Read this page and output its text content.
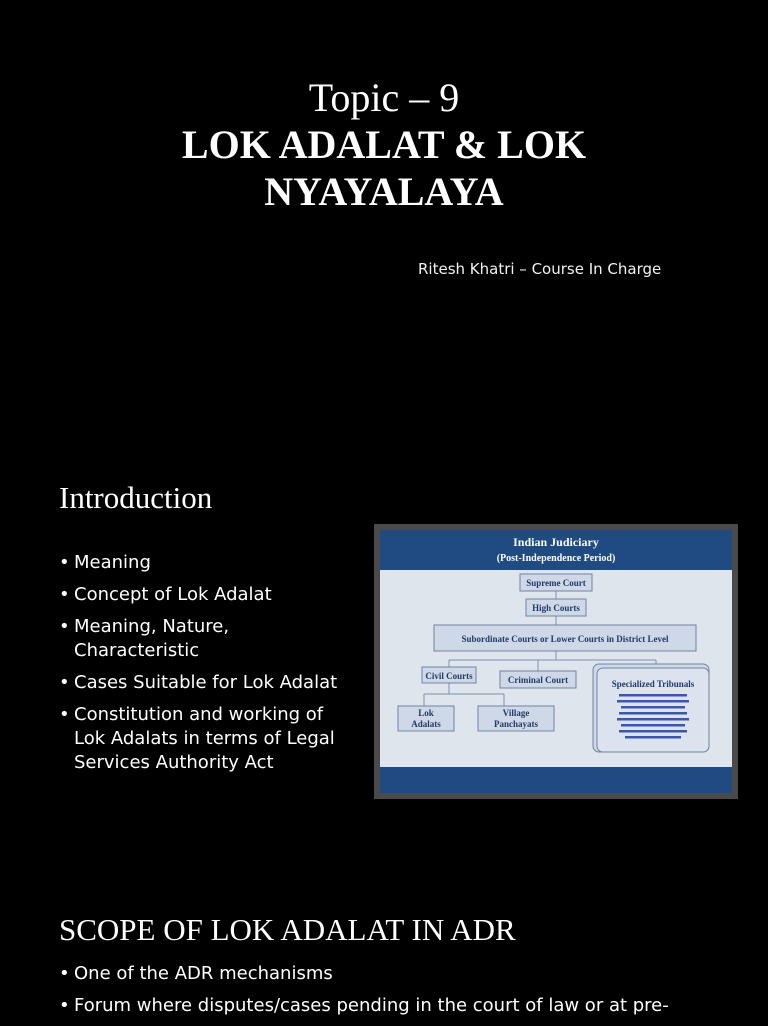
Topic – 9
LOK ADALAT & LOK
NYAYALAYA
Ritesh Khatri – Course In Charge
Introduction
• Meaning
• Concept of Lok Adalat
• Meaning, Nature, Characteristic
• Cases Suitable for Lok Adalat
• Constitution and working of Lok Adalats in terms of Legal Services Authority Act
Indian Judiciary
(Post-Independence Period)
Supreme Court
High Courts
Subordinate Courts or Lower Courts in District Level
Civil Courts	Criminal Court
Lok
Adalats
Village
Panchayats
Specialized Tribunals
SCOPE OF LOK ADALAT IN ADR
• One of the ADR mechanisms
• Forum where disputes/cases pending in the court of law or at pre-
